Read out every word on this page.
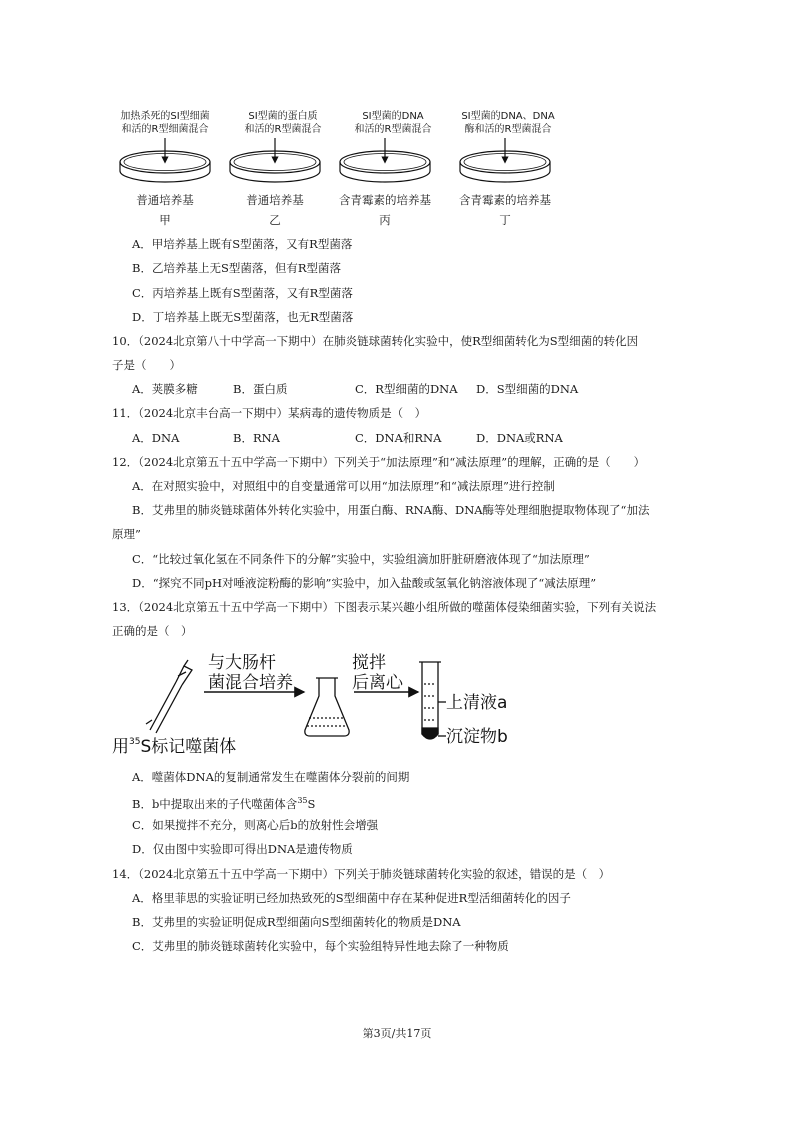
加热杀死的SⅠ型细菌
和活的R型细菌混合
SⅠ型菌的蛋白质
和活的R型菌混合
SⅠ型菌的DNA
和活的R型菌混合
SⅠ型菌的DNA、DNA
酶和活的R型菌混合
普通培养基	普通培养基	含青霉素的培养基	含青霉素的培养基
甲	乙	丙	丁
A．甲培养基上既有S型菌落，又有R型菌落
B．乙培养基上无S型菌落，但有R型菌落
C．丙培养基上既有S型菌落，又有R型菌落
D．丁培养基上既无S型菌落，也无R型菌落
10．（2024北京第八十中学高一下期中）在肺炎链球菌转化实验中，使R型细菌转化为S型细菌的转化因
子是（　　）
A．荚膜多糖	B．蛋白质	C．R型细菌的DNA D．S型细菌的DNA
11．（2024北京丰台高一下期中）某病毒的遗传物质是（　）
A．DNA	B．RNA	C．DNA和RNA	D．DNA或RNA
12．（2024北京第五十五中学高一下期中）下列关于“加法原理”和“减法原理”的理解，正确的是（　　）
A．在对照实验中，对照组中的自变量通常可以用“加法原理”和“减法原理”进行控制
B．艾弗里的肺炎链球菌体外转化实验中，用蛋白酶、RNA酶、DNA酶等处理细胞提取物体现了“加法
原理”
C．“比较过氧化氢在不同条件下的分解”实验中，实验组滴加肝脏研磨液体现了“加法原理”
D．“探究不同pH对唾液淀粉酶的影响”实验中，加入盐酸或氢氧化钠溶液体现了“减法原理”
13．（2024北京第五十五中学高一下期中）下图表示某兴趣小组所做的噬菌体侵染细菌实验，下列有关说法
正确的是（　）
与大肠杆
菌混合培养
搅拌
后离心
上清液a
沉淀物b
用$^{35}$S标记噬菌体
A．噬菌体DNA的复制通常发生在噬菌体分裂前的间期
B．b中提取出来的子代噬菌体含$^{35}$S
C．如果搅拌不充分，则离心后b的放射性会增强
D．仅由图中实验即可得出DNA是遗传物质
14．（2024北京第五十五中学高一下期中）下列关于肺炎链球菌转化实验的叙述，错误的是（　）
A．格里菲思的实验证明已经加热致死的S型细菌中存在某种促进R型活细菌转化的因子
B．艾弗里的实验证明促成R型细菌向S型细菌转化的物质是DNA
C．艾弗里的肺炎链球菌转化实验中，每个实验组特异性地去除了一种物质
第3页/共17页
